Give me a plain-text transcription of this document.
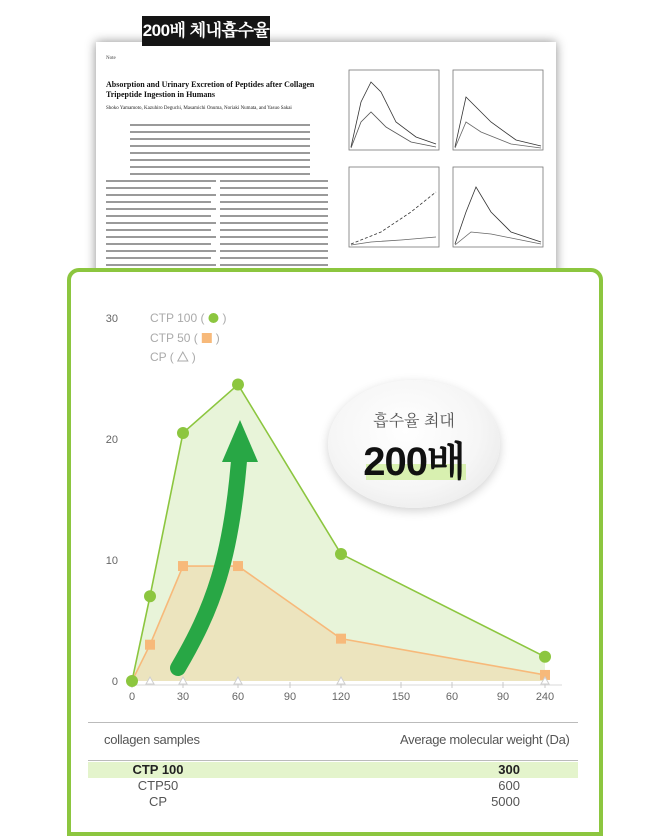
200배 체내흡수율
Note
Absorption and Urinary Excretion of Peptides after Collagen Tripeptide Ingestion in Humans
Shoko Yamamoto, Kazuhiro Deguchi, Masamichi Onuma, Noriaki Numata, and Yasuo Sakai
0
10
20
30
0	30	60	90	120	150	60	90 240
CTP 100 ( )
CTP 50 ( )
CP ( )
흡수율 최대
200배
collagen samples	Average molecular weight (Da)
CTP 100	300
CTP50	600
CP	5000
